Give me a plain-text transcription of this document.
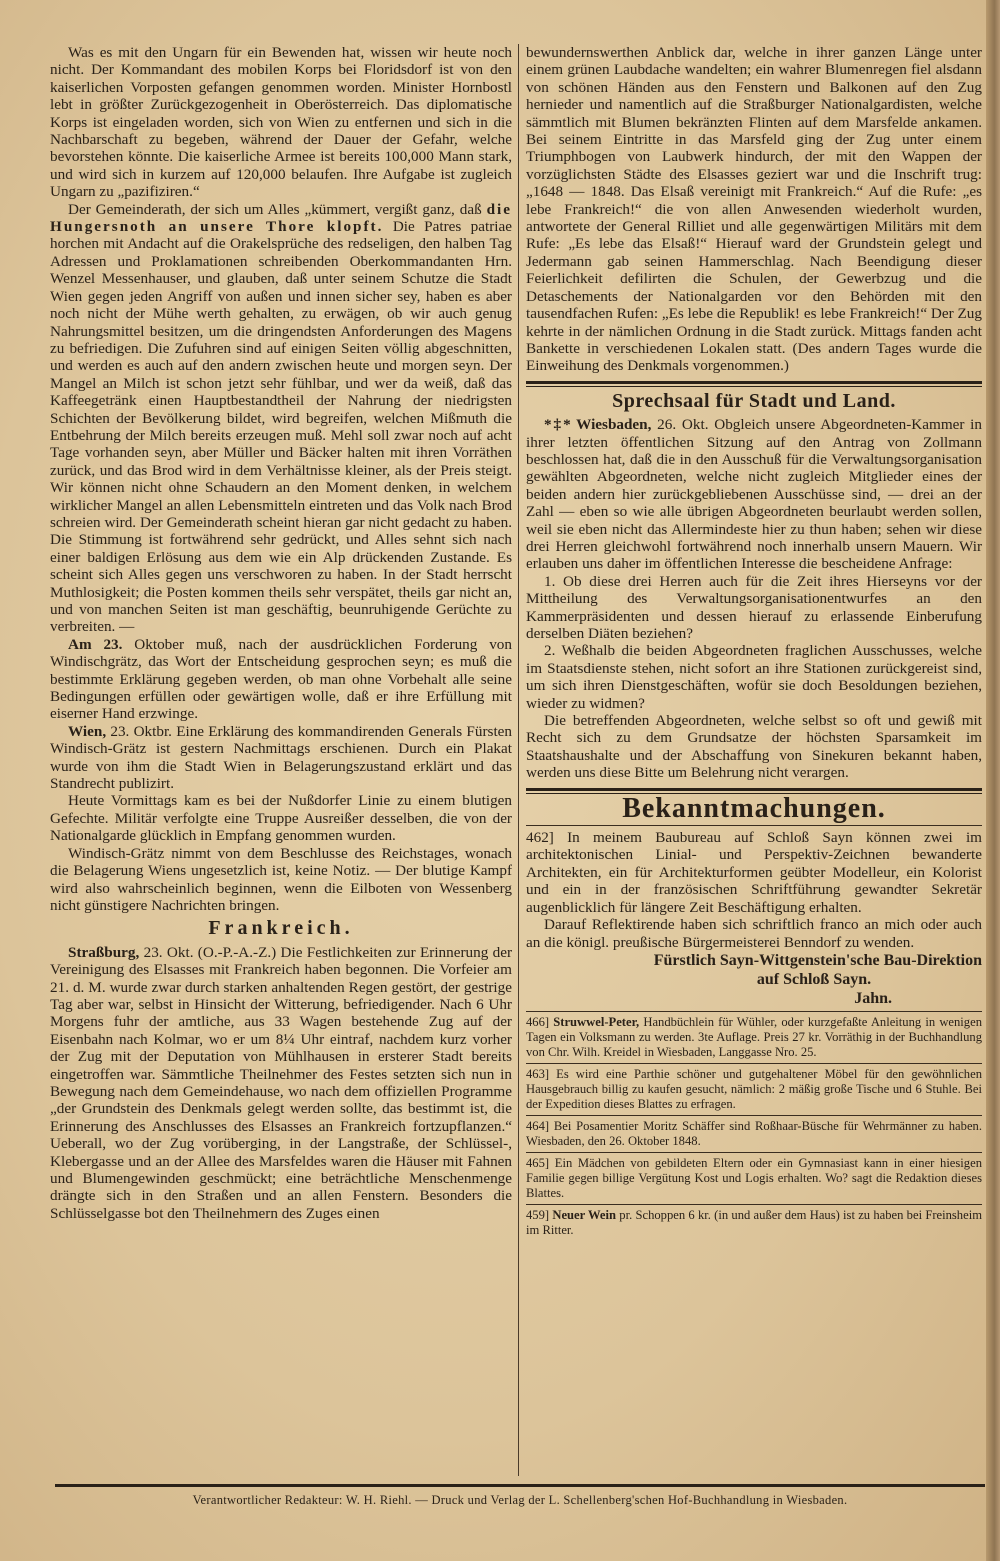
Was es mit den Ungarn für ein Bewenden hat, wissen wir heute noch nicht. Der Kommandant des mobilen Korps bei Floridsdorf ist von den kaiserlichen Vorposten gefangen genommen worden. Minister Hornbostl lebt in größter Zurückgezogenheit in Oberösterreich. Das diplomatische Korps ist eingeladen worden, sich von Wien zu entfernen und sich in die Nachbarschaft zu begeben, während der Dauer der Gefahr, welche bevorstehen könnte. Die kaiserliche Armee ist bereits 100,000 Mann stark, und wird sich in kurzem auf 120,000 belaufen. Ihre Aufgabe ist zugleich Ungarn zu „pazifiziren.“

Der Gemeinderath, der sich um Alles „kümmert, vergißt ganz, daß die Hungersnoth an unsere Thore klopft. Die Patres patriae horchen mit Andacht auf die Orakelsprüche des redseligen, den halben Tag Adressen und Proklamationen schreibenden Oberkommandanten Hrn. Wenzel Messenhauser, und glauben, daß unter seinem Schutze die Stadt Wien gegen jeden Angriff von außen und innen sicher sey, haben es aber noch nicht der Mühe werth gehalten, zu erwägen, ob wir auch genug Nahrungsmittel besitzen, um die dringendsten Anforderungen des Magens zu befriedigen. Die Zufuhren sind auf einigen Seiten völlig abgeschnitten, und werden es auch auf den andern zwischen heute und morgen seyn. Der Mangel an Milch ist schon jetzt sehr fühlbar, und wer da weiß, daß das Kaffeegetränk einen Hauptbestandtheil der Nahrung der niedrigsten Schichten der Bevölkerung bildet, wird begreifen, welchen Mißmuth die Entbehrung der Milch bereits erzeugen muß. Mehl soll zwar noch auf acht Tage vorhanden seyn, aber Müller und Bäcker halten mit ihren Vorräthen zurück, und das Brod wird in dem Verhältnisse kleiner, als der Preis steigt. Wir können nicht ohne Schaudern an den Moment denken, in welchem wirklicher Mangel an allen Lebensmitteln eintreten und das Volk nach Brod schreien wird. Der Gemeinderath scheint hieran gar nicht gedacht zu haben. Die Stimmung ist fortwährend sehr gedrückt, und Alles sehnt sich nach einer baldigen Erlösung aus dem wie ein Alp drückenden Zustande. Es scheint sich Alles gegen uns verschworen zu haben. In der Stadt herrscht Muthlosigkeit; die Posten kommen theils sehr verspätet, theils gar nicht an, und von manchen Seiten ist man geschäftig, beunruhigende Gerüchte zu verbreiten. —

Am 23. Oktober muß, nach der ausdrücklichen Forderung von Windischgrätz, das Wort der Entscheidung gesprochen seyn; es muß die bestimmte Erklärung gegeben werden, ob man ohne Vorbehalt alle seine Bedingungen erfüllen oder gewärtigen wolle, daß er ihre Erfüllung mit eiserner Hand erzwinge.

Wien, 23. Oktbr. Eine Erklärung des kommandirenden Generals Fürsten Windisch-Grätz ist gestern Nachmittags erschienen. Durch ein Plakat wurde von ihm die Stadt Wien in Belagerungszustand erklärt und das Standrecht publizirt.

Heute Vormittags kam es bei der Nußdorfer Linie zu einem blutigen Gefechte. Militär verfolgte eine Truppe Ausreißer desselben, die von der Nationalgarde glücklich in Empfang genommen wurden.

Windisch-Grätz nimmt von dem Beschlusse des Reichstages, wonach die Belagerung Wiens ungesetzlich ist, keine Notiz. — Der blutige Kampf wird also wahrscheinlich beginnen, wenn die Eilboten von Wessenberg nicht günstigere Nachrichten bringen.

Frankreich.

Straßburg, 23. Okt. (O.-P.-A.-Z.) Die Festlichkeiten zur Erinnerung der Vereinigung des Elsasses mit Frankreich haben begonnen. Die Vorfeier am 21. d. M. wurde zwar durch starken anhaltenden Regen gestört, der gestrige Tag aber war, selbst in Hinsicht der Witterung, befriedigender. Nach 6 Uhr Morgens fuhr der amtliche, aus 33 Wagen bestehende Zug auf der Eisenbahn nach Kolmar, wo er um 8¼ Uhr eintraf, nachdem kurz vorher der Zug mit der Deputation von Mühlhausen in ersterer Stadt bereits eingetroffen war. Sämmtliche Theilnehmer des Festes setzten sich nun in Bewegung nach dem Gemeindehause, wo nach dem offiziellen Programme „der Grundstein des Denkmals gelegt werden sollte, das bestimmt ist, die Erinnerung des Anschlusses des Elsasses an Frankreich fortzupflanzen.“ Ueberall, wo der Zug vorüberging, in der Langstraße, der Schlüssel-, Klebergasse und an der Allee des Marsfeldes waren die Häuser mit Fahnen und Blumengewinden geschmückt; eine beträchtliche Menschenmenge drängte sich in den Straßen und an allen Fenstern. Besonders die Schlüsselgasse bot den Theilnehmern des Zuges einen

bewundernswerthen Anblick dar, welche in ihrer ganzen Länge unter einem grünen Laubdache wandelten; ein wahrer Blumenregen fiel alsdann von schönen Händen aus den Fenstern und Balkonen auf den Zug hernieder und namentlich auf die Straßburger Nationalgardisten, welche sämmtlich mit Blumen bekränzten Flinten auf dem Marsfelde ankamen. Bei seinem Eintritte in das Marsfeld ging der Zug unter einem Triumphbogen von Laubwerk hindurch, der mit den Wappen der vorzüglichsten Städte des Elsasses geziert war und die Inschrift trug: „1648 — 1848. Das Elsaß vereinigt mit Frankreich.“ Auf die Rufe: „es lebe Frankreich!“ die von allen Anwesenden wiederholt wurden, antwortete der General Rilliet und alle gegenwärtigen Militärs mit dem Rufe: „Es lebe das Elsaß!“ Hierauf ward der Grundstein gelegt und Jedermann gab seinen Hammerschlag. Nach Beendigung dieser Feierlichkeit defilirten die Schulen, der Gewerbzug und die Detaschements der Nationalgarden vor den Behörden mit den tausendfachen Rufen: „Es lebe die Republik! es lebe Frankreich!“ Der Zug kehrte in der nämlichen Ordnung in die Stadt zurück. Mittags fanden acht Bankette in verschiedenen Lokalen statt. (Des andern Tages wurde die Einweihung des Denkmals vorgenommen.)

Sprechsaal für Stadt und Land.

*‡* Wiesbaden, 26. Okt. Obgleich unsere Abgeordneten-Kammer in ihrer letzten öffentlichen Sitzung auf den Antrag von Zollmann beschlossen hat, daß die in den Ausschuß für die Verwaltungsorganisation gewählten Abgeordneten, welche nicht zugleich Mitglieder eines der beiden andern hier zurückgebliebenen Ausschüsse sind, — drei an der Zahl — eben so wie alle übrigen Abgeordneten beurlaubt werden sollen, weil sie eben nicht das Allermindeste hier zu thun haben; sehen wir diese drei Herren gleichwohl fortwährend noch innerhalb unsern Mauern. Wir erlauben uns daher im öffentlichen Interesse die bescheidene Anfrage:

1. Ob diese drei Herren auch für die Zeit ihres Hierseyns vor der Mittheilung des Verwaltungsorganisationentwurfes an den Kammerpräsidenten und dessen hierauf zu erlassende Einberufung derselben Diäten beziehen?

2. Weßhalb die beiden Abgeordneten fraglichen Ausschusses, welche im Staatsdienste stehen, nicht sofort an ihre Stationen zurückgereist sind, um sich ihren Dienstgeschäften, wofür sie doch Besoldungen beziehen, wieder zu widmen?

Die betreffenden Abgeordneten, welche selbst so oft und gewiß mit Recht sich zu dem Grundsatze der höchsten Sparsamkeit im Staatshaushalte und der Abschaffung von Sinekuren bekannt haben, werden uns diese Bitte um Belehrung nicht verargen.

Bekanntmachungen.

462] In meinem Baubureau auf Schloß Sayn können zwei im architektonischen Linial- und Perspektiv-Zeichnen bewanderte Architekten, ein für Architekturformen geübter Modelleur, ein Kolorist und ein in der französischen Schriftführung gewandter Sekretär augenblicklich für längere Zeit Beschäftigung erhalten.

Darauf Reflektirende haben sich schriftlich franco an mich oder auch an die königl. preußische Bürgermeisterei Benndorf zu wenden.

Fürstlich Sayn-Wittgenstein'sche Bau-Direktion
auf Schloß Sayn.
Jahn.

466] Struwwel-Peter, Handbüchlein für Wühler, oder kurzgefaßte Anleitung in wenigen Tagen ein Volksmann zu werden. 3te Auflage. Preis 27 kr. Vorräthig in der Buchhandlung von Chr. Wilh. Kreidel in Wiesbaden, Langgasse Nro. 25.

463] Es wird eine Parthie schöner und gutgehaltener Möbel für den gewöhnlichen Hausgebrauch billig zu kaufen gesucht, nämlich: 2 mäßig große Tische und 6 Stuhle. Bei der Expedition dieses Blattes zu erfragen.

464] Bei Posamentier Moritz Schäffer sind Roßhaar-Büsche für Wehrmänner zu haben. Wiesbaden, den 26. Oktober 1848.

465] Ein Mädchen von gebildeten Eltern oder ein Gymnasiast kann in einer hiesigen Familie gegen billige Vergütung Kost und Logis erhalten. Wo? sagt die Redaktion dieses Blattes.

459] Neuer Wein pr. Schoppen 6 kr. (in und außer dem Haus) ist zu haben bei Freinsheim im Ritter.

Verantwortlicher Redakteur: W. H. Riehl. — Druck und Verlag der L. Schellenberg'schen Hof-Buchhandlung in Wiesbaden.
